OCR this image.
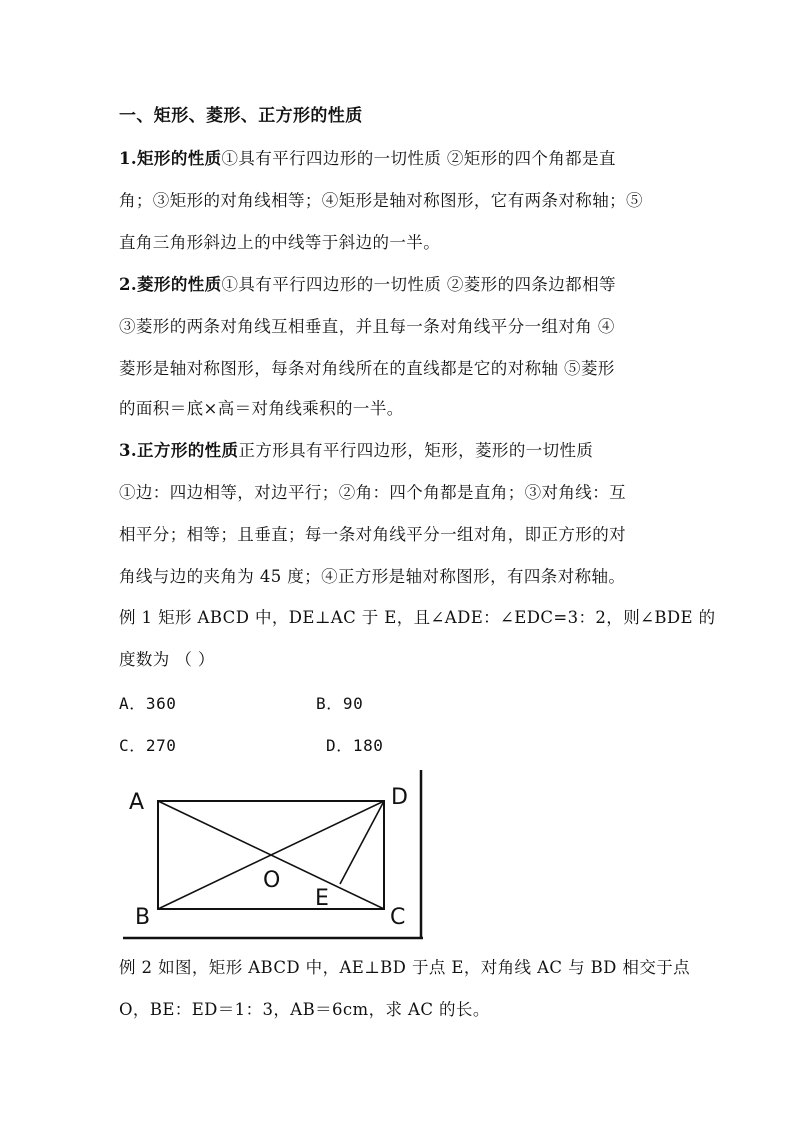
一、矩形、菱形、正方形的性质
1.矩形的性质①具有平行四边形的一切性质 ②矩形的四个角都是直
角；③矩形的对角线相等；④矩形是轴对称图形，它有两条对称轴；⑤
直角三角形斜边上的中线等于斜边的一半。
2.菱形的性质①具有平行四边形的一切性质 ②菱形的四条边都相等
③菱形的两条对角线互相垂直，并且每一条对角线平分一组对角 ④
菱形是轴对称图形，每条对角线所在的直线都是它的对称轴 ⑤菱形
的面积＝底×高＝对角线乘积的一半。
3.正方形的性质正方形具有平行四边形，矩形，菱形的一切性质
①边：四边相等，对边平行；②角：四个角都是直角；③对角线：互
相平分；相等；且垂直；每一条对角线平分一组对角，即正方形的对
角线与边的夹角为 45 度；④正方形是轴对称图形，有四条对称轴。
例 1 矩形 ABCD 中，DE⊥AC 于 E，且∠ADE：∠EDC=3：2，则∠BDE 的
度数为 （ ）
A．360	B．90
C．270	D．180
A	D
O
E
B	C
例 2 如图，矩形 ABCD 中，AE⊥BD 于点 E，对角线 AC 与 BD 相交于点
O，BE：ED＝1：3，AB＝6cm，求 AC 的长。
